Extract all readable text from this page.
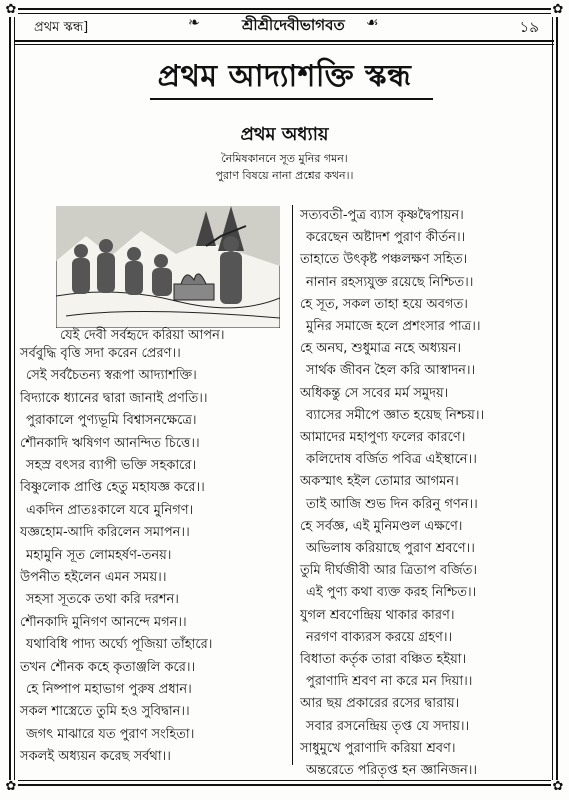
✿	✿
✿	✿
প্রথম স্কন্ধ]	শ্রীশ্রীদেবীভাগবত	১৯
❧	☙
প্রথম আদ্যাশক্তি স্কন্ধ
প্রথম অধ্যায়
নৈমিষকাননে সূত মুনির গমন।
পুরাণ বিষয়ে নানা প্রশ্নের কথন।।
যেই দেবী সর্বহৃদে করিয়া আপন।
সর্ববুদ্ধি বৃত্তি সদা করেন প্রেরণ।।
সেই সর্বচৈতন্য স্বরূপা আদ্যাশক্তি।
বিদ্যাকে ধ্যানের দ্বারা জানাই প্রণতি।।
পুরাকালে পুণ্যভূমি বিশ্বাসনক্ষেত্রে।
শৌনকাদি ঋষিগণ আনন্দিত চিত্তে।।
সহস্র বৎসর ব্যাপী ভক্তি সহকারে।
বিষ্ণুলোক প্রাপ্তি হেতু মহাযজ্ঞ করে।।
একদিন প্রাতঃকালে যবে মুনিগণ।
যজ্ঞহোম-আদি করিলেন সমাপন।।
মহামুনি সূত লোমহর্ষণ-তনয়।
উপনীত হইলেন এমন সময়।।
সহসা সূতকে তথা করি দরশন।
শৌনকাদি মুনিগণ আনন্দে মগন।।
যথাবিধি পাদ্য অর্ঘ্যে পূজিয়া তাঁহারে।
তখন শৌনক কহে কৃতাঞ্জলি করে।।
হে নিষ্পাপ মহাভাগ পুরুষ প্রধান।
সকল শাস্ত্রেতে তুমি হও সুবিদ্বান।।
জগৎ মাঝারে যত পুরাণ সংহিতা।
সকলই অধ্যয়ন করেছ সর্বথা।।
সত্যবতী-পুত্র ব্যাস কৃষ্ণদ্বৈপায়ন।
করেছেন অষ্টাদশ পুরাণ কীর্তন।।
তাহাতে উৎকৃষ্ট পঞ্চলক্ষণ সহিত।
নানান রহস্যযুক্ত রয়েছে নিশ্চিত।।
হে সূত, সকল তাহা হয়ে অবগত।
মুনির সমাজে হলে প্রশংসার পাত্র।।
হে অনঘ, শুধুমাত্র নহে অধ্যয়ন।
সার্থক জীবন হৈল করি আস্বাদন।।
অধিকন্তু সে সবের মর্ম সমুদয়।
ব্যাসের সমীপে জ্ঞাত হয়েছ নিশ্চয়।।
আমাদের মহাপুণ্য ফলের কারণে।
কলিদোষ বর্জিত পবিত্র এইস্থানে।।
অকস্মাৎ হইল তোমার আগমন।
তাই আজি শুভ দিন করিনু গণন।।
হে সর্বজ্ঞ, এই মুনিমণ্ডল এক্ষণে।
অভিলাষ করিয়াছে পুরাণ শ্রবণে।।
তুমি দীর্ঘজীবী আর ত্রিতাপ বর্জিত।
এই পুণ্য কথা ব্যক্ত করহ নিশ্চিত।।
যুগল শ্রবণেন্দ্রিয় থাকার কারণ।
নরগণ বাক্যরস করয়ে গ্রহণ।।
বিধাতা কর্তৃক তারা বঞ্চিত হইয়া।
পুরাণাদি শ্রবণ না করে মন দিয়া।।
আর ছয় প্রকারের রসের দ্বারায়।
সবার রসনেন্দ্রিয় তৃপ্ত যে সদায়।।
সাধুমুখে পুরাণাদি করিয়া শ্রবণ।
অন্তরেতে পরিতৃপ্ত হন জ্ঞানিজন।।
